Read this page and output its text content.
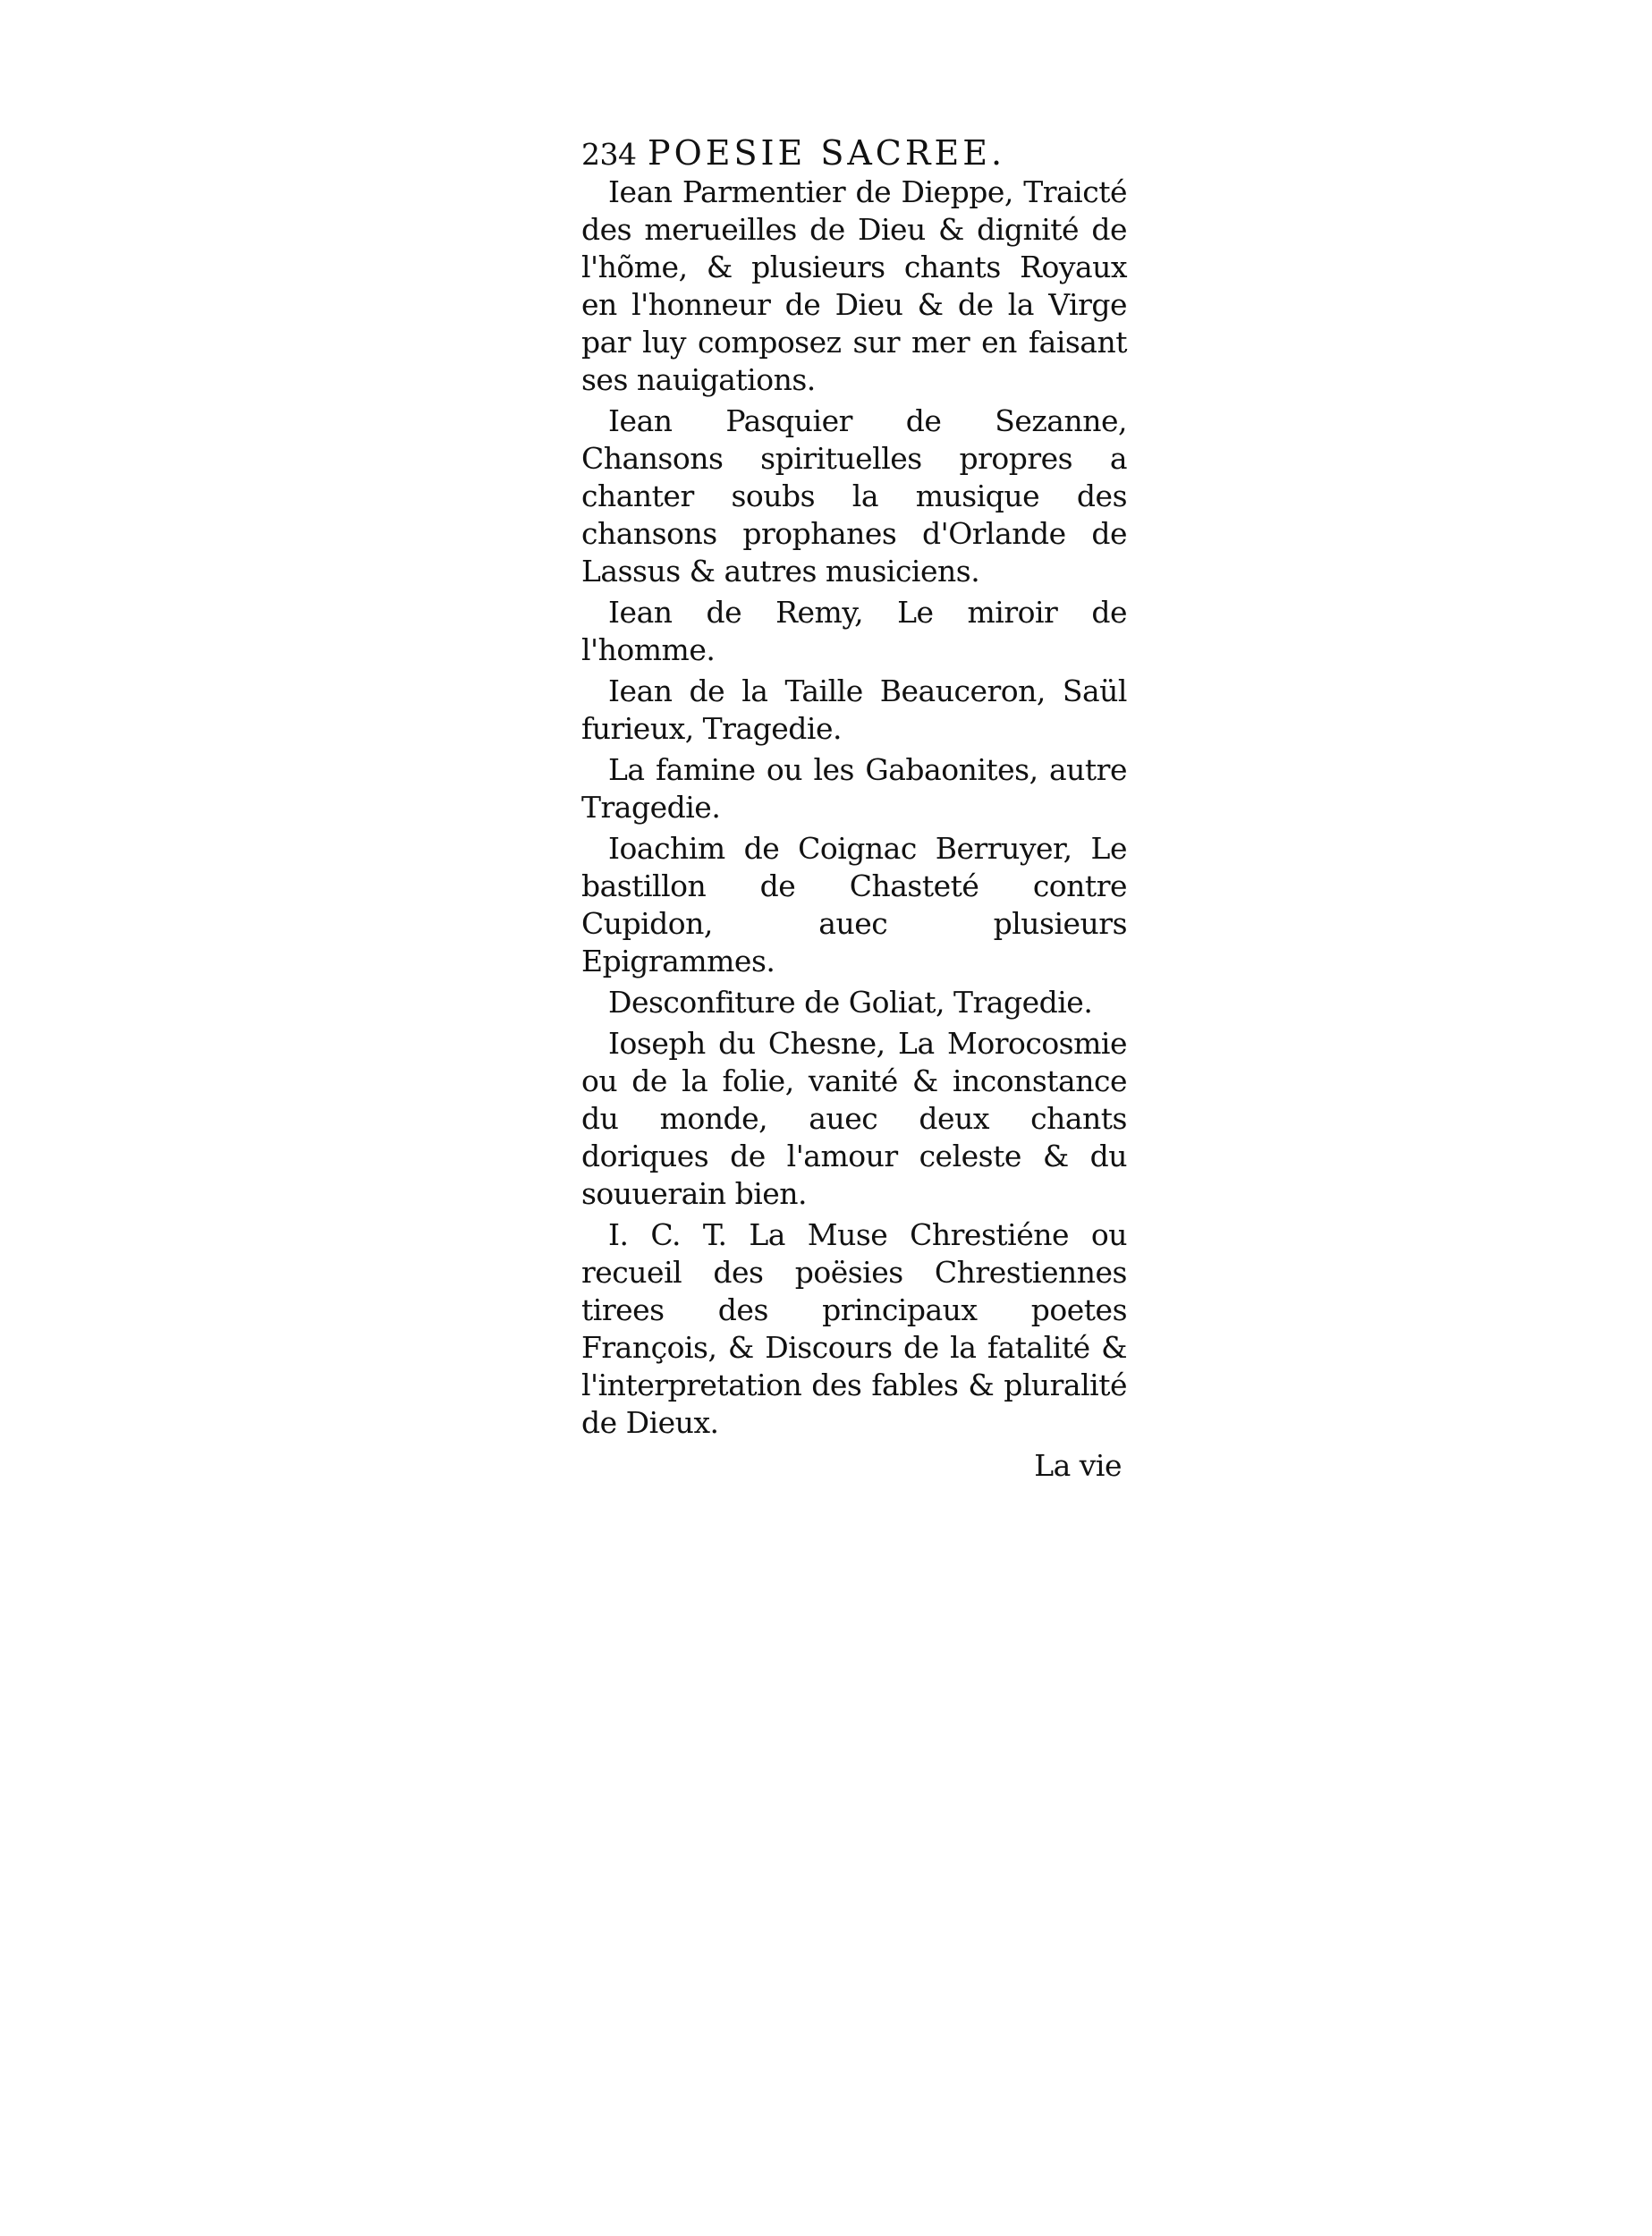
234 POESIE SACREE.

Iean Parmentier de Dieppe, Traicté des merueilles de Dieu & dignité de l'hõme, & plusieurs chants Royaux en l'honneur de Dieu & de la Virge par luy composez sur mer en faisant ses nauigations.

Iean Pasquier de Sezanne, Chansons spirituelles propres a chanter soubs la musique des chansons prophanes d'Orlande de Lassus & autres musiciens.

Iean de Remy, Le miroir de l'homme.

Iean de la Taille Beauceron, Saül furieux, Tragedie.

La famine ou les Gabaonites, autre Tragedie.

Ioachim de Coignac Berruyer, Le bastillon de Chasteté contre Cupidon, auec plusieurs Epigrammes.

Desconfiture de Goliat, Tragedie.

Ioseph du Chesne, La Morocosmie ou de la folie, vanité & inconstance du monde, auec deux chants doriques de l'amour celeste & du souuerain bien.

I. C. T. La Muse Chrestiéne ou recueil des poësies Chrestiennes tirees des principaux poetes François, & Discours de la fatalité & l'interpretation des fables & pluralité de Dieux.

La vie
